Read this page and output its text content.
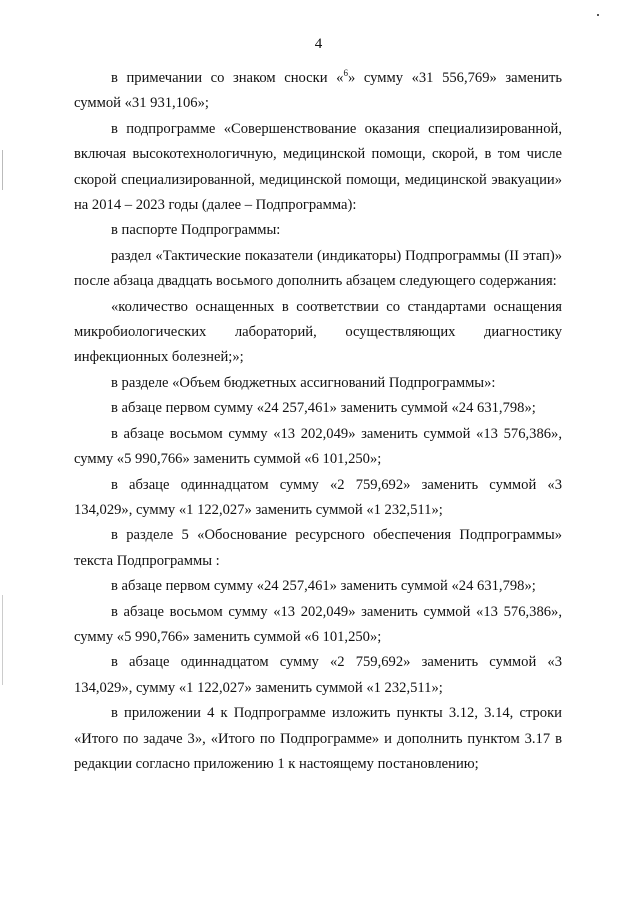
4

в примечании со знаком сноски «$^6$» сумму «31 556,769» заменить суммой «31 931,106»;

в подпрограмме «Совершенствование оказания специализированной, включая высокотехнологичную, медицинской помощи, скорой, в том числе скорой специализированной, медицинской помощи, медицинской эвакуации» на 2014 – 2023 годы (далее – Подпрограмма):

в паспорте Подпрограммы:

раздел «Тактические показатели (индикаторы) Подпрограммы (II этап)» после абзаца двадцать восьмого дополнить абзацем следующего содержания:

«количество оснащенных в соответствии со стандартами оснащения микробиологических лабораторий, осуществляющих диагностику инфекционных болезней;»;

в разделе «Объем бюджетных ассигнований Подпрограммы»:

в абзаце первом сумму «24 257,461» заменить суммой «24 631,798»;

в абзаце восьмом сумму «13 202,049» заменить суммой «13 576,386», сумму «5 990,766» заменить суммой «6 101,250»;

в абзаце одиннадцатом сумму «2 759,692» заменить суммой «3 134,029», сумму «1 122,027» заменить суммой «1 232,511»;

в разделе 5 «Обоснование ресурсного обеспечения Подпрограммы» текста Подпрограммы :

в абзаце первом сумму «24 257,461» заменить суммой «24 631,798»;

в абзаце восьмом сумму «13 202,049» заменить суммой «13 576,386», сумму «5 990,766» заменить суммой «6 101,250»;

в абзаце одиннадцатом сумму «2 759,692» заменить суммой «3 134,029», сумму «1 122,027» заменить суммой «1 232,511»;

в приложении 4 к Подпрограмме изложить пункты 3.12, 3.14, строки «Итого по задаче 3», «Итого по Подпрограмме» и дополнить пунктом 3.17 в редакции согласно приложению 1 к настоящему постановлению;
